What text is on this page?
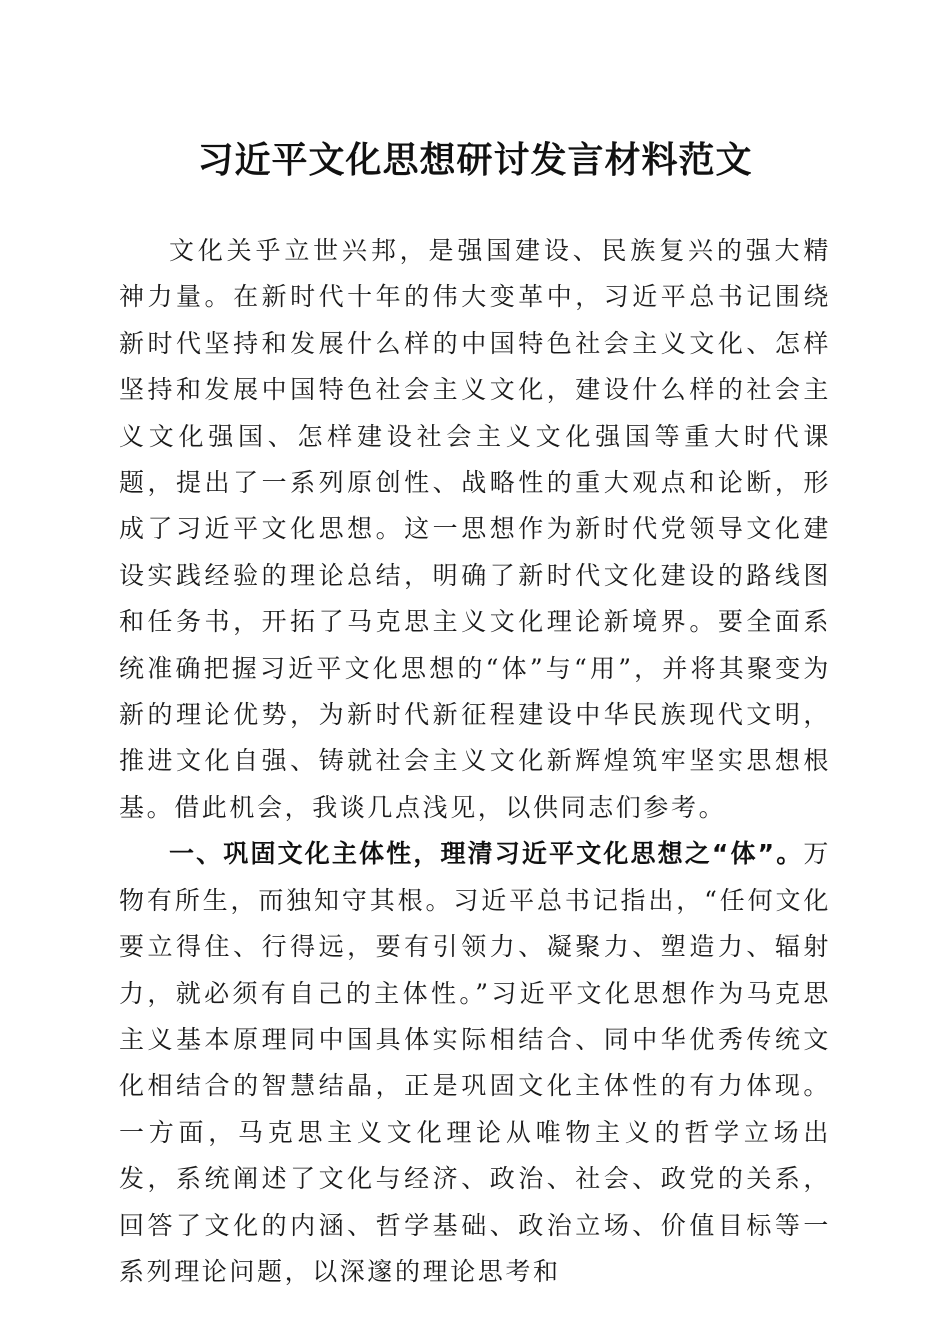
习近平文化思想研讨发言材料范文

文化关乎立世兴邦，是强国建设、民族复兴的强大精神力量。在新时代十年的伟大变革中，习近平总书记围绕新时代坚持和发展什么样的中国特色社会主义文化、怎样坚持和发展中国特色社会主义文化，建设什么样的社会主义文化强国、怎样建设社会主义文化强国等重大时代课题，提出了一系列原创性、战略性的重大观点和论断，形成了习近平文化思想。这一思想作为新时代党领导文化建设实践经验的理论总结，明确了新时代文化建设的路线图和任务书，开拓了马克思主义文化理论新境界。要全面系统准确把握习近平文化思想的“体”与“用”，并将其聚变为新的理论优势，为新时代新征程建设中华民族现代文明，推进文化自强、铸就社会主义文化新辉煌筑牢坚实思想根基。借此机会，我谈几点浅见，以供同志们参考。

一、巩固文化主体性，理清习近平文化思想之“体”。万物有所生，而独知守其根。习近平总书记指出，“任何文化要立得住、行得远，要有引领力、凝聚力、塑造力、辐射力，就必须有自己的主体性。”习近平文化思想作为马克思主义基本原理同中国具体实际相结合、同中华优秀传统文化相结合的智慧结晶，正是巩固文化主体性的有力体现。一方面，马克思主义文化理论从唯物主义的哲学立场出发，系统阐述了文化与经济、政治、社会、政党的关系，回答了文化的内涵、哲学基础、政治立场、价值目标等一系列理论问题，以深邃的理论思考和
